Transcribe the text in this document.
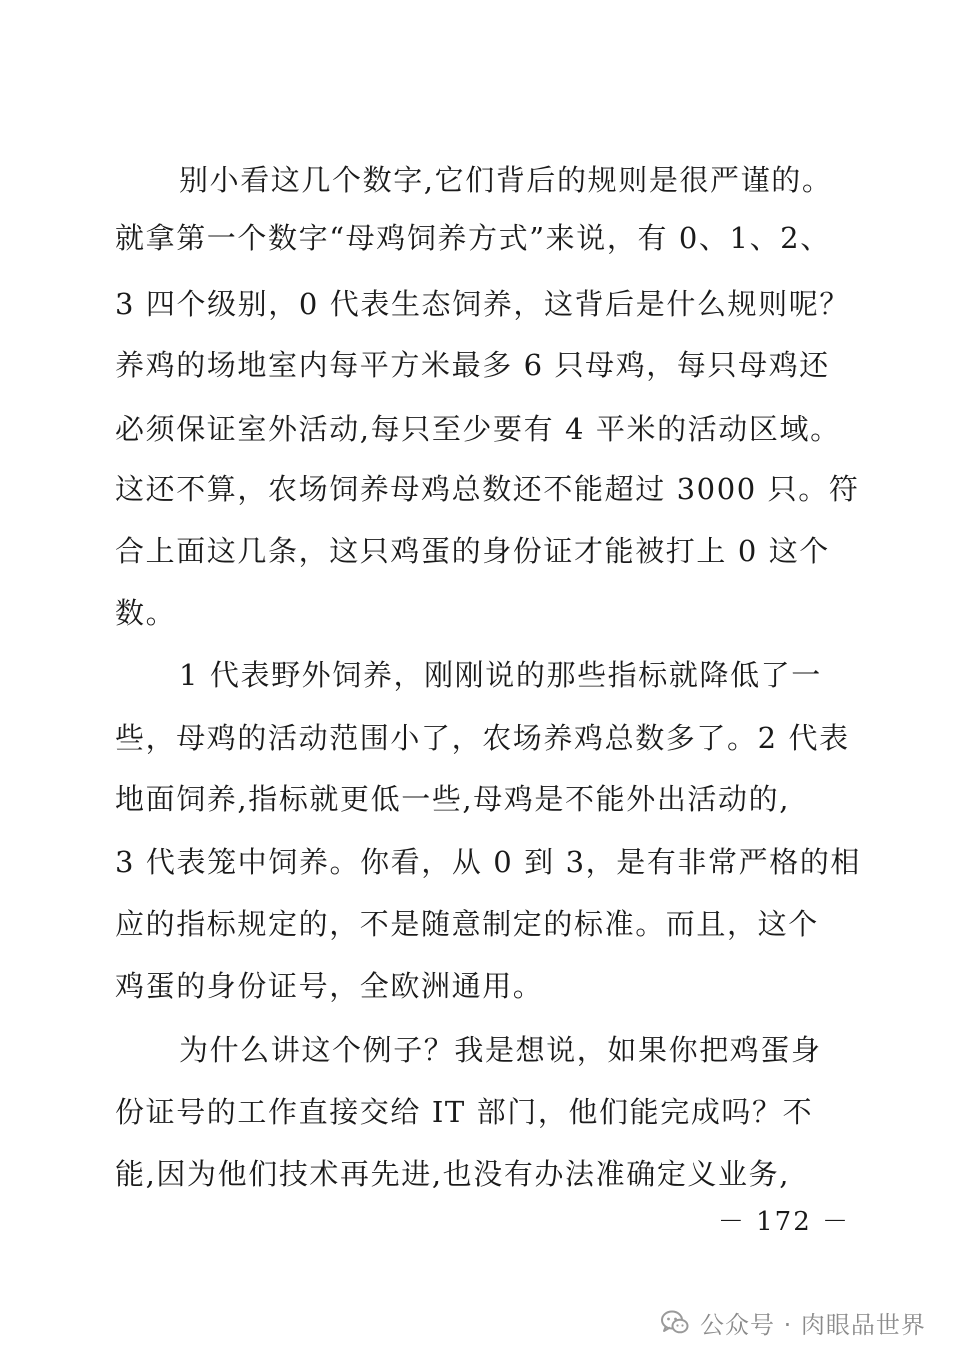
别小看这几个数字,它们背后的规则是很严谨的。
就拿第一个数字“母鸡饲养方式”来说，有 0、1、2、
3 四个级别，0 代表生态饲养，这背后是什么规则呢？
养鸡的场地室内每平方米最多 6 只母鸡，每只母鸡还
必须保证室外活动,每只至少要有 4 平米的活动区域。
这还不算，农场饲养母鸡总数还不能超过 3000 只。符
合上面这几条，这只鸡蛋的身份证才能被打上 0 这个
数。
1 代表野外饲养，刚刚说的那些指标就降低了一
些，母鸡的活动范围小了，农场养鸡总数多了。2 代表
地面饲养,指标就更低一些,母鸡是不能外出活动的,
3 代表笼中饲养。你看，从 0 到 3，是有非常严格的相
应的指标规定的，不是随意制定的标准。而且，这个
鸡蛋的身份证号，全欧洲通用。
为什么讲这个例子？我是想说，如果你把鸡蛋身
份证号的工作直接交给 IT 部门，他们能完成吗？不
能,因为他们技术再先进,也没有办法准确定义业务,
－ 172 －
公众号 · 肉眼品世界
